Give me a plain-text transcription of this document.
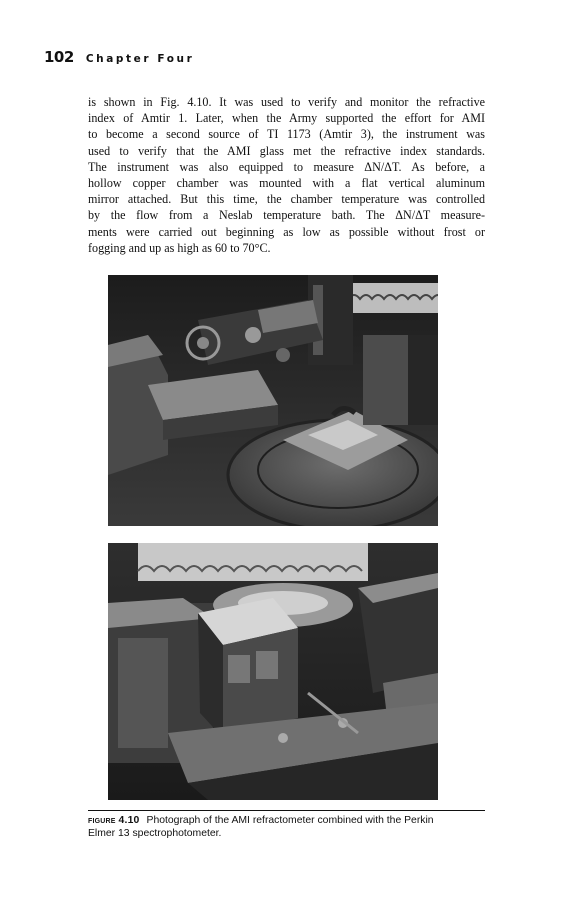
102 Chapter Four

is shown in Fig. 4.10. It was used to verify and monitor the refractive
index of Amtir 1. Later, when the Army supported the effort for AMI
to become a second source of TI 1173 (Amtir 3), the instrument was
used to verify that the AMI glass met the refractive index standards.
The instrument was also equipped to measure ΔN/ΔT. As before, a
hollow copper chamber was mounted with a flat vertical aluminum
mirror attached. But this time, the chamber temperature was controlled
by the flow from a Neslab temperature bath. The ΔN/ΔT measure-
ments were carried out beginning as low as possible without frost or
fogging and up as high as 60 to 70°C.

figure 4.10 Photograph of the AMI refractometer combined with the Perkin
Elmer 13 spectrophotometer.
